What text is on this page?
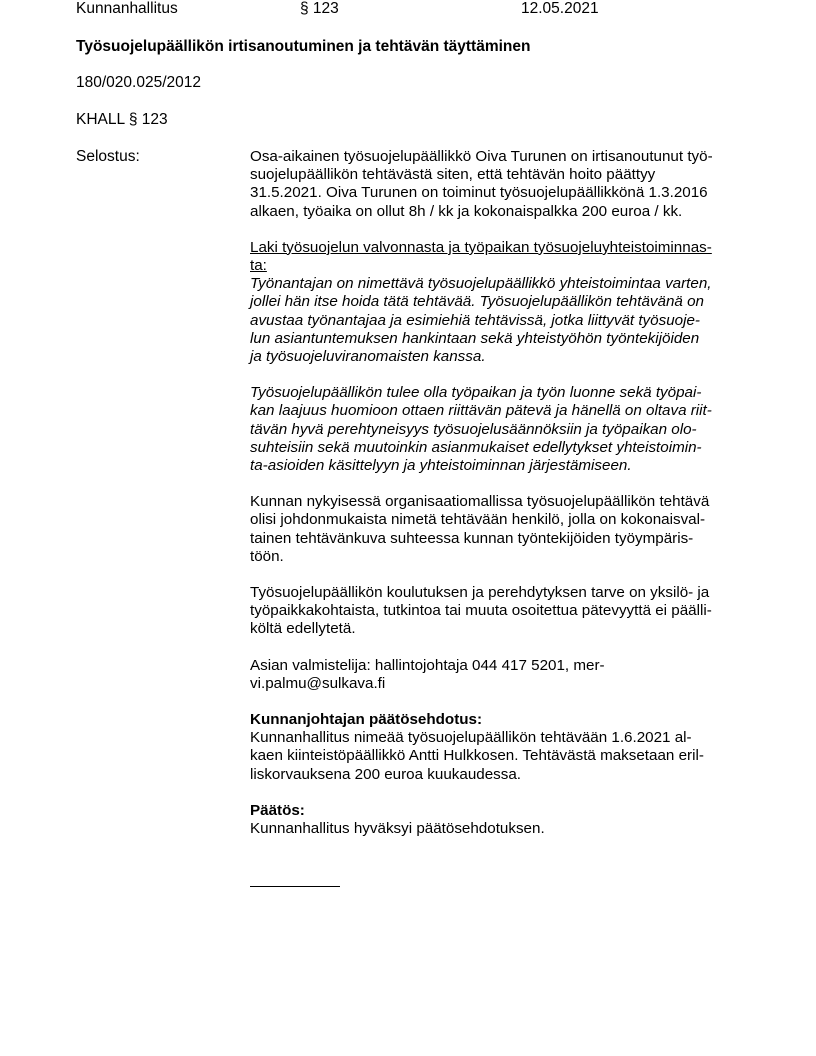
Kunnanhallitus	§ 123	12.05.2021
Työsuojelupäällikön irtisanoutuminen ja tehtävän täyttäminen
180/020.025/2012
KHALL § 123
Selostus:	Osa-aikainen työsuojelupäällikkö Oiva Turunen on irtisanoutunut työ-
suojelupäällikön tehtävästä siten, että tehtävän hoito päättyy
31.5.2021. Oiva Turunen on toiminut työsuojelupäällikkönä 1.3.2016
alkaen, työaika on ollut 8h / kk ja kokonaispalkka 200 euroa / kk.

Laki työsuojelun valvonnasta ja työpaikan työsuojeluyhteistoiminnas-
ta:

Työnantajan on nimettävä työsuojelupäällikkö yhteistoimintaa varten,
jollei hän itse hoida tätä tehtävää. Työsuojelupäällikön tehtävänä on
avustaa työnantajaa ja esimiehiä tehtävissä, jotka liittyvät työsuoje-
lun asiantuntemuksen hankintaan sekä yhteistyöhön työntekijöiden
ja työsuojeluviranomaisten kanssa.

Työsuojelupäällikön tulee olla työpaikan ja työn luonne sekä työpai-
kan laajuus huomioon ottaen riittävän pätevä ja hänellä on oltava riit-
tävän hyvä perehtyneisyys työsuojelusäännöksiin ja työpaikan olo-
suhteisiin sekä muutoinkin asianmukaiset edellytykset yhteistoimin-
ta-asioiden käsittelyyn ja yhteistoiminnan järjestämiseen.

Kunnan nykyisessä organisaatiomallissa työsuojelupäällikön tehtävä
olisi johdonmukaista nimetä tehtävään henkilö, jolla on kokonaisval-
tainen tehtävänkuva suhteessa kunnan työntekijöiden työympäris-
töön.

Työsuojelupäällikön koulutuksen ja perehdytyksen tarve on yksilö- ja
työpaikkakohtaista, tutkintoa tai muuta osoitettua pätevyyttä ei päälli-
költä edellytetä.

Asian valmistelija: hallintojohtaja 044 417 5201, mer-
vi.palmu@sulkava.fi

Kunnanjohtajan päätösehdotus:
Kunnanhallitus nimeää työsuojelupäällikön tehtävään 1.6.2021 al-
kaen kiinteistöpäällikkö Antti Hulkkosen. Tehtävästä maksetaan eril-
liskorvauksena 200 euroa kuukaudessa.

Päätös:
Kunnanhallitus hyväksyi päätösehdotuksen.
